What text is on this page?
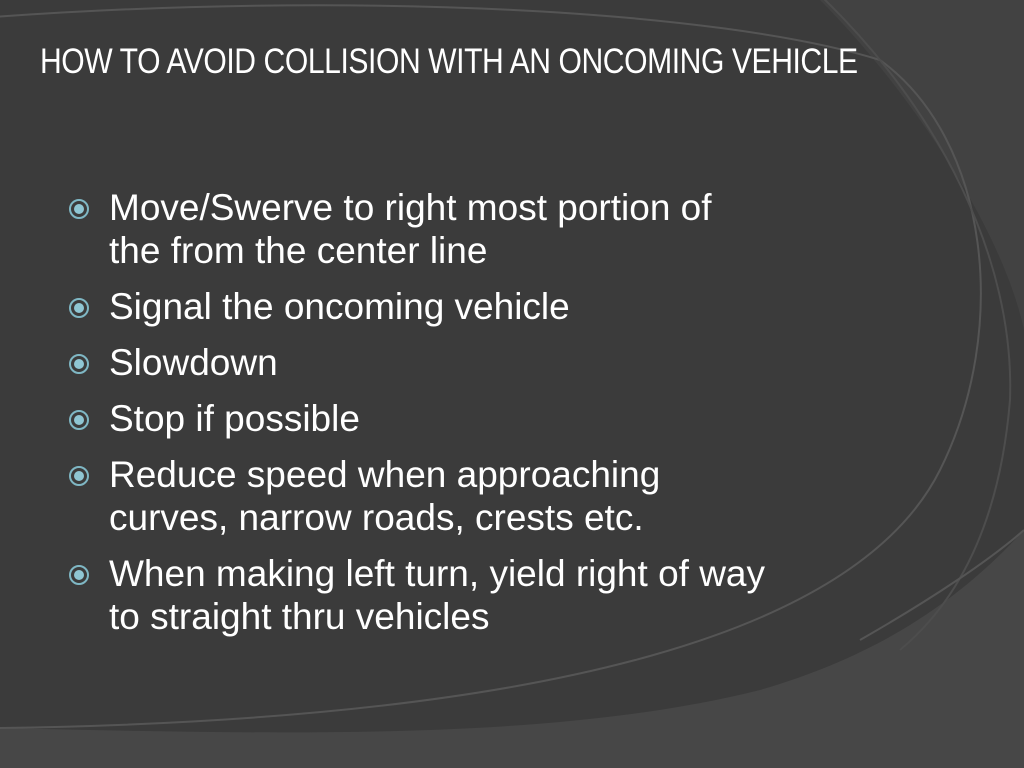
HOW TO AVOID COLLISION WITH AN ONCOMING VEHICLE
Move/Swerve to right most portion of
the from the center line
Signal the oncoming vehicle
Slowdown
Stop if possible
Reduce speed when approaching
curves, narrow roads, crests etc.
When making left turn, yield right of way
to straight thru vehicles
